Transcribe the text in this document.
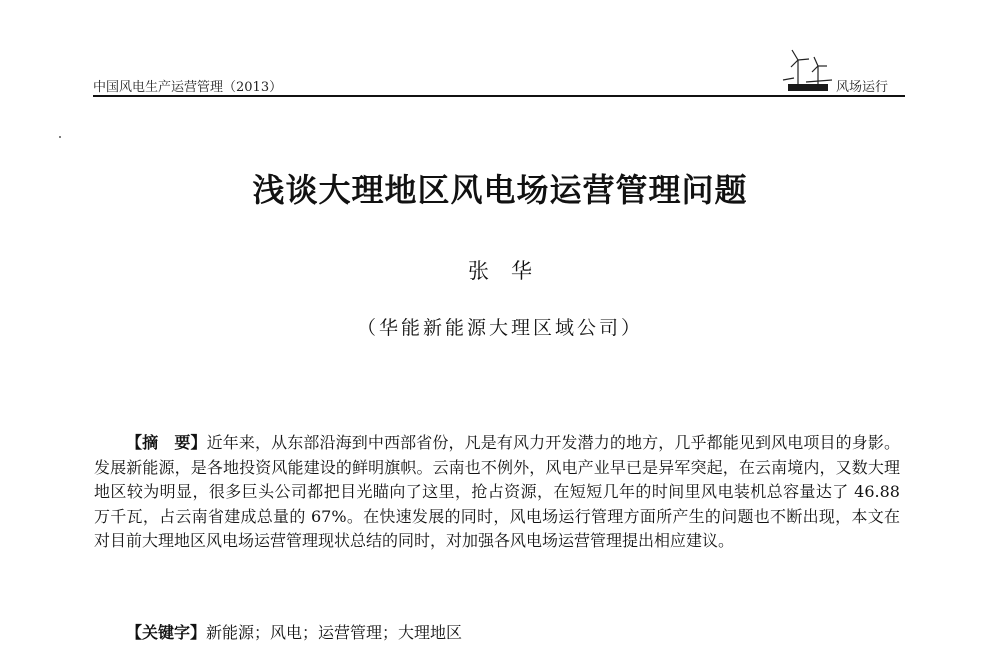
中国风电生产运营管理（2013）	风场运行
浅谈大理地区风电场运营管理问题
张华
（华能新能源大理区域公司）

【摘　要】近年来，从东部沿海到中西部省份，凡是有风力开发潜力的地方，几乎都能见到风电项目的身影。发展新能源，是各地投资风能建设的鲜明旗帜。云南也不例外，风电产业早已是异军突起，在云南境内，又数大理地区较为明显，很多巨头公司都把目光瞄向了这里，抢占资源，在短短几年的时间里风电装机总容量达了 46.88 万千瓦，占云南省建成总量的 67%。在快速发展的同时，风电场运行管理方面所产生的问题也不断出现，本文在对目前大理地区风电场运营管理现状总结的同时，对加强各风电场运营管理提出相应建议。

【关键字】新能源；风电；运营管理；大理地区
